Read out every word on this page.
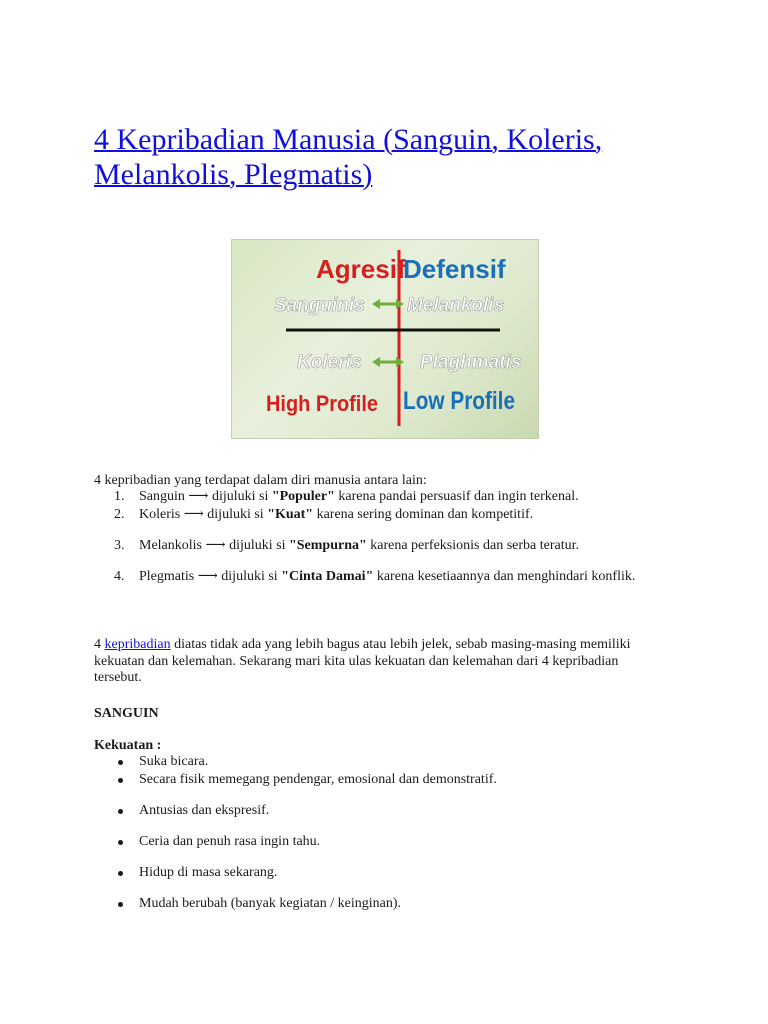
4 Kepribadian Manusia (Sanguin, Koleris, Melankolis, Plegmatis)
Agresif
Defensif
Sanguinis Melankolis
Koleris	Plaghmatis
High Profile Low Profile
4 kepribadian yang terdapat dalam diri manusia antara lain:
1. Sanguin ⟶ dijuluki si "Populer" karena pandai persuasif dan ingin terkenal.
2. Koleris ⟶ dijuluki si "Kuat" karena sering dominan dan kompetitif.
3. Melankolis ⟶ dijuluki si "Sempurna" karena perfeksionis dan serba teratur.
4. Plegmatis ⟶ dijuluki si "Cinta Damai" karena kesetiaannya dan menghindari konflik.
4 kepribadian diatas tidak ada yang lebih bagus atau lebih jelek, sebab masing-masing memiliki kekuatan dan kelemahan. Sekarang mari kita ulas kekuatan dan kelemahan dari 4 kepribadian tersebut.
SANGUIN
Kekuatan :
Suka bicara.
Secara fisik memegang pendengar, emosional dan demonstratif.
Antusias dan ekspresif.
Ceria dan penuh rasa ingin tahu.
Hidup di masa sekarang.
Mudah berubah (banyak kegiatan / keinginan).
